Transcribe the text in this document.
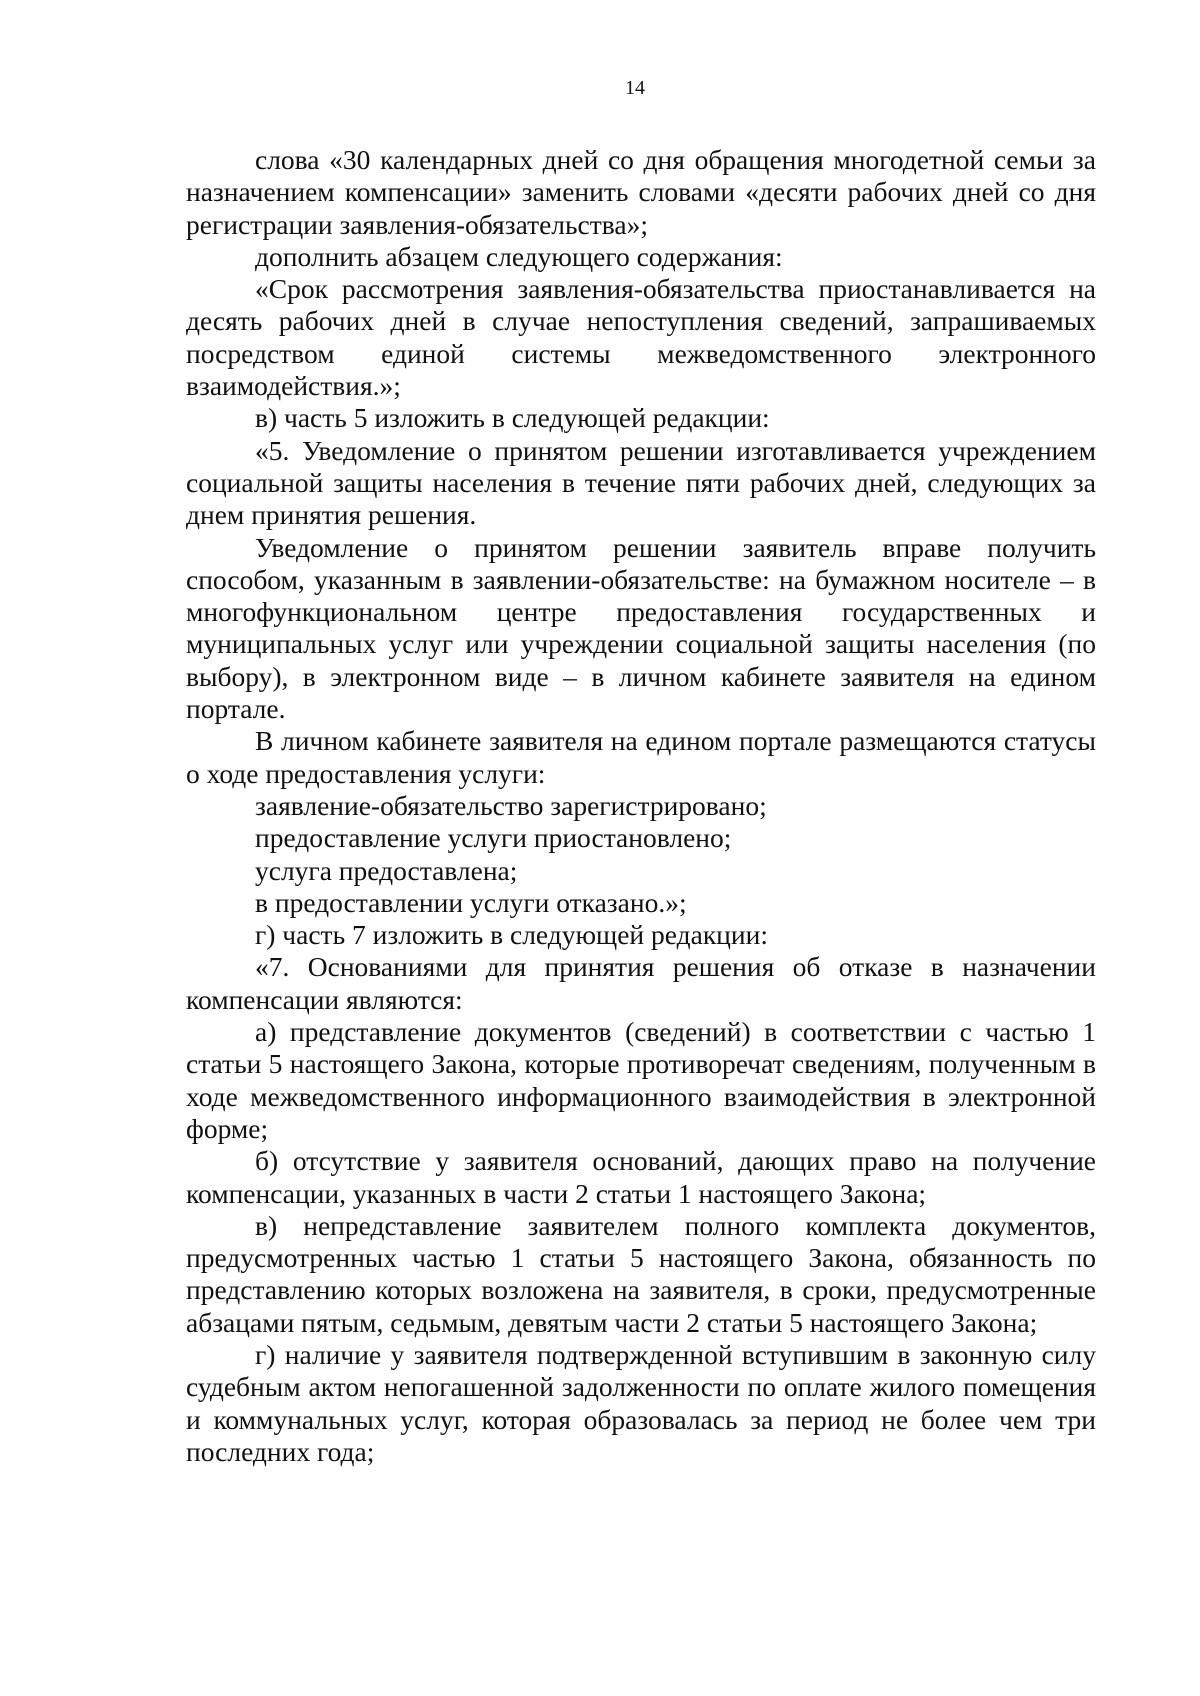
14

слова «30 календарных дней со дня обращения многодетной семьи за назначением компенсации» заменить словами «десяти рабочих дней со дня регистрации заявления-обязательства»;

дополнить абзацем следующего содержания:

«Срок рассмотрения заявления-обязательства приостанавливается на десять рабочих дней в случае непоступления сведений, запрашиваемых посредством единой системы межведомственного электронного взаимодействия.»;

в) часть 5 изложить в следующей редакции:

«5. Уведомление о принятом решении изготавливается учреждением социальной защиты населения в течение пяти рабочих дней, следующих за днем принятия решения.

Уведомление о принятом решении заявитель вправе получить способом, указанным в заявлении-обязательстве: на бумажном носителе – в многофункциональном центре предоставления государственных и муниципальных услуг или учреждении социальной защиты населения (по выбору), в электронном виде – в личном кабинете заявителя на едином портале.

В личном кабинете заявителя на едином портале размещаются статусы о ходе предоставления услуги:

заявление-обязательство зарегистрировано;

предоставление услуги приостановлено;

услуга предоставлена;

в предоставлении услуги отказано.»;

г) часть 7 изложить в следующей редакции:

«7. Основаниями для принятия решения об отказе в назначении компенсации являются:

а) представление документов (сведений) в соответствии с частью 1 статьи 5 настоящего Закона, которые противоречат сведениям, полученным в ходе межведомственного информационного взаимодействия в электронной форме;

б) отсутствие у заявителя оснований, дающих право на получение компенсации, указанных в части 2 статьи 1 настоящего Закона;

в) непредставление заявителем полного комплекта документов, предусмотренных частью 1 статьи 5 настоящего Закона, обязанность по представлению которых возложена на заявителя, в сроки, предусмотренные абзацами пятым, седьмым, девятым части 2 статьи 5 настоящего Закона;

г) наличие у заявителя подтвержденной вступившим в законную силу судебным актом непогашенной задолженности по оплате жилого помещения и коммунальных услуг, которая образовалась за период не более чем три последних года;
